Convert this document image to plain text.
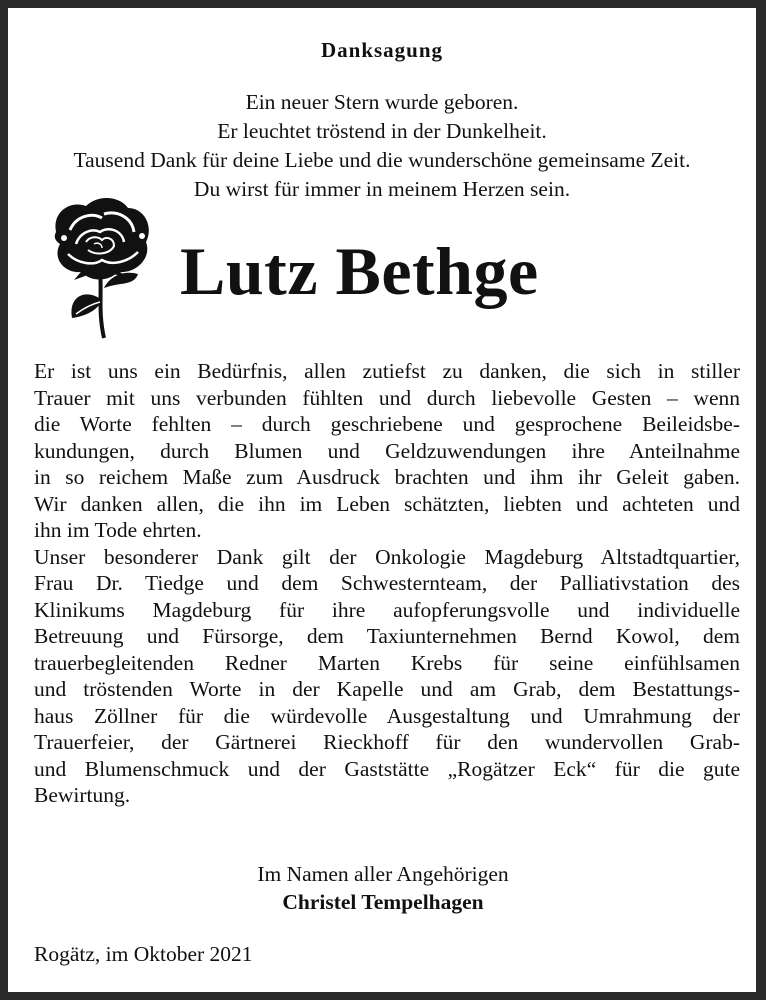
Danksagung
Ein neuer Stern wurde geboren.
Er leuchtet tröstend in der Dunkelheit.
Tausend Dank für deine Liebe und die wunderschöne gemeinsame Zeit.
Du wirst für immer in meinem Herzen sein.
Lutz Bethge
Er ist uns ein Bedürfnis, allen zutiefst zu danken, die sich in stiller
Trauer mit uns verbunden fühlten und durch liebevolle Gesten – wenn
die Worte fehlten – durch geschriebene und gesprochene Beileidsbe-
kundungen, durch Blumen und Geldzuwendungen ihre Anteilnahme
in so reichem Maße zum Ausdruck brachten und ihm ihr Geleit gaben.
Wir danken allen, die ihn im Leben schätzten, liebten und achteten und
ihn im Tode ehrten.
Unser besonderer Dank gilt der Onkologie Magdeburg Altstadtquartier,
Frau Dr. Tiedge und dem Schwesternteam, der Palliativstation des
Klinikums Magdeburg für ihre aufopferungsvolle und individuelle
Betreuung und Fürsorge, dem Taxiunternehmen Bernd Kowol, dem
trauerbegleitenden Redner Marten Krebs für seine einfühlsamen
und tröstenden Worte in der Kapelle und am Grab, dem Bestattungs-
haus Zöllner für die würdevolle Ausgestaltung und Umrahmung der
Trauerfeier, der Gärtnerei Rieckhoff für den wundervollen Grab-
und Blumenschmuck und der Gaststätte „Rogätzer Eck“ für die gute
Bewirtung.
Im Namen aller Angehörigen
Christel Tempelhagen
Rogätz, im Oktober 2021
